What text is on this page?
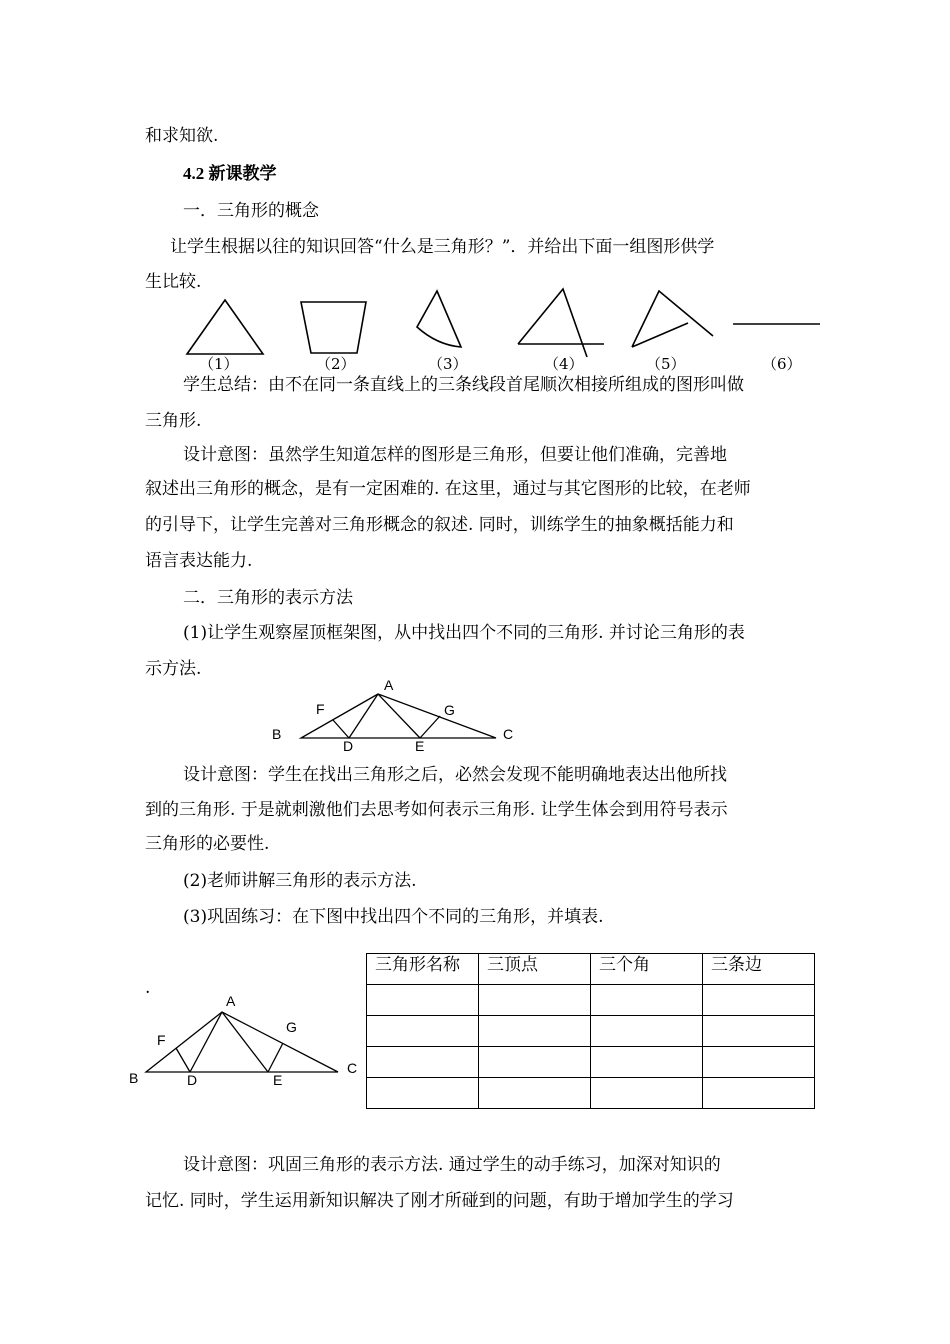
和求知欲.
4.2 新课教学
一．三角形的概念
让学生根据以往的知识回答“什么是三角形？”．并给出下面一组图形供学
生比较.
（1）	（2）	（3）	（4）	（5）	（6）
学生总结：由不在同一条直线上的三条线段首尾顺次相接所组成的图形叫做
三角形.
设计意图：虽然学生知道怎样的图形是三角形，但要让他们准确，完善地
叙述出三角形的概念，是有一定困难的. 在这里，通过与其它图形的比较，在老师
的引导下，让学生完善对三角形概念的叙述. 同时，训练学生的抽象概括能力和
语言表达能力.
二．三角形的表示方法
(1)让学生观察屋顶框架图，从中找出四个不同的三角形. 并讨论三角形的表
示方法.
A
F	G
B	C
D	E
设计意图：学生在找出三角形之后，必然会发现不能明确地表达出他所找
到的三角形. 于是就刺激他们去思考如何表示三角形. 让学生体会到用符号表示
三角形的必要性.
(2)老师讲解三角形的表示方法.
(3)巩固练习：在下图中找出四个不同的三角形，并填表.
.
A
F
G
B
C
D	E
三角形名称	三顶点	三个角	三条边

设计意图：巩固三角形的表示方法. 通过学生的动手练习，加深对知识的
记忆. 同时，学生运用新知识解决了刚才所碰到的问题，有助于增加学生的学习
